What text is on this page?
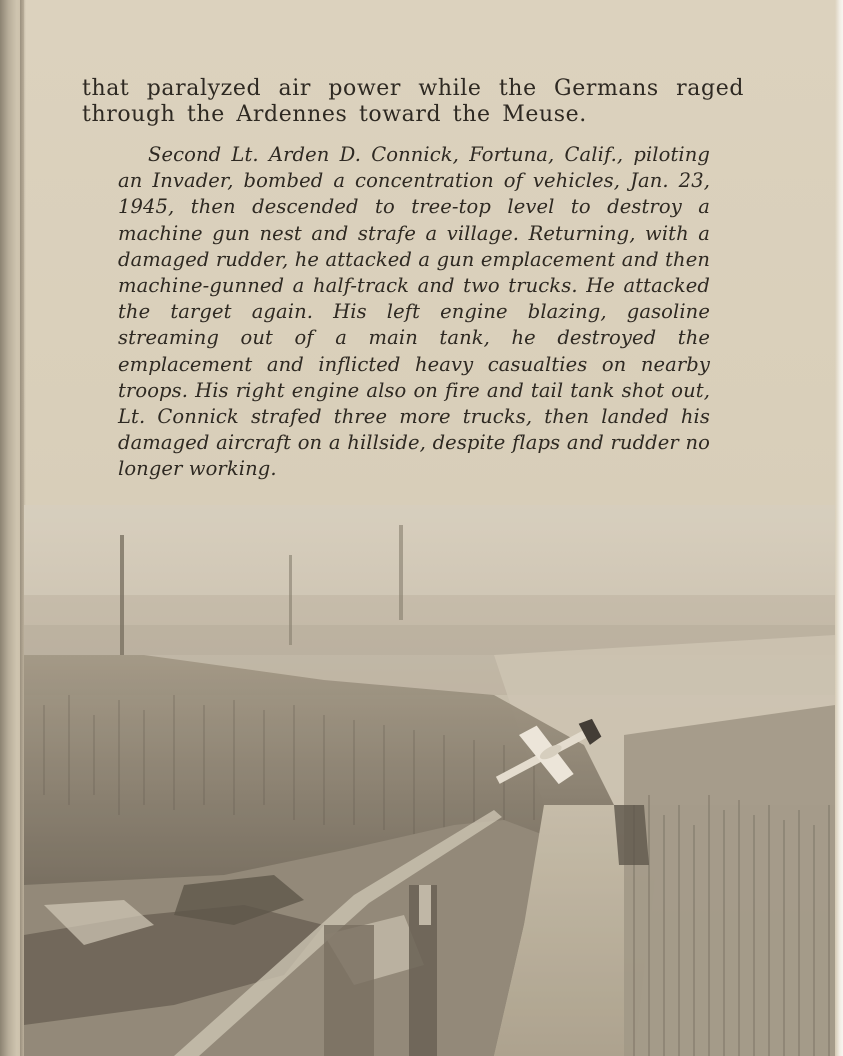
that paralyzed air power while the Germans raged through the Ardennes toward the Meuse.

Second Lt. Arden D. Connick, Fortuna, Calif., piloting an Invader, bombed a concentration of vehicles, Jan. 23, 1945, then descended to tree-top level to destroy a machine gun nest and strafe a village. Returning, with a damaged rudder, he attacked a gun emplacement and then machine-gunned a half-track and two trucks. He attacked the target again. His left engine blazing, gasoline streaming out of a main tank, he destroyed the emplacement and inflicted heavy casualties on nearby troops. His right engine also on fire and tail tank shot out, Lt. Connick strafed three more trucks, then landed his damaged aircraft on a hillside, despite flaps and rudder no longer working.
